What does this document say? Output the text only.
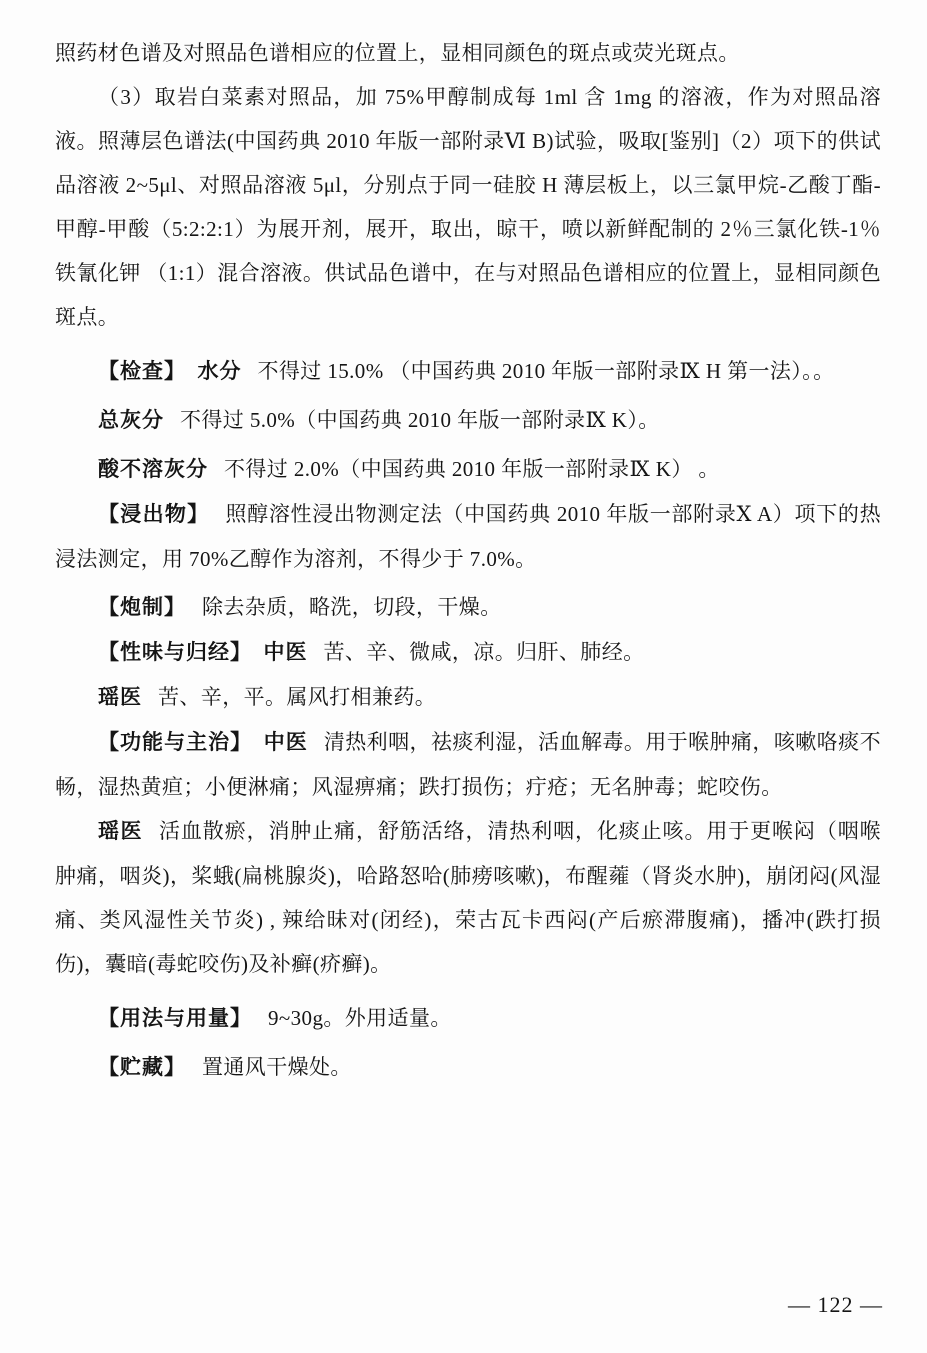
照药材色谱及对照品色谱相应的位置上，显相同颜色的斑点或荧光斑点。

（3）取岩白菜素对照品，加 75%甲醇制成每 1ml 含 1mg 的溶液，作为对照品溶液。照薄层色谱法(中国药典 2010 年版一部附录Ⅵ B)试验，吸取[鉴别]（2）项下的供试品溶液 2~5μl、对照品溶液 5μl，分别点于同一硅胶 H 薄层板上，以三氯甲烷-乙酸丁酯-甲醇-甲酸（5:2:2:1）为展开剂，展开，取出，晾干，喷以新鲜配制的 2％三氯化铁-1％铁氰化钾 （1:1）混合溶液。供试品色谱中，在与对照品色谱相应的位置上，显相同颜色斑点。

【检查】　水分 不得过 15.0% （中国药典 2010 年版一部附录Ⅸ H 第一法）。。

总灰分 不得过 5.0%（中国药典 2010 年版一部附录Ⅸ K）。

酸不溶灰分 不得过 2.0%（中国药典 2010 年版一部附录Ⅸ K） 。

【浸出物】 照醇溶性浸出物测定法（中国药典 2010 年版一部附录Ⅹ A）项下的热浸法测定，用 70%乙醇作为溶剂，不得少于 7.0%。

【炮制】 除去杂质，略洗，切段，干燥。

【性味与归经】　中医 苦、辛、微咸，凉。归肝、肺经。

瑶医 苦、辛，平。属风打相兼药。

【功能与主治】　中医 清热利咽，祛痰利湿，活血解毒。用于喉肿痛，咳嗽咯痰不畅，湿热黄疸；小便淋痛；风湿痹痛；跌打损伤；疔疮；无名肿毒；蛇咬伤。

瑶医 活血散瘀，消肿止痛，舒筋活络，清热利咽，化痰止咳。用于更喉闷（咽喉肿痛，咽炎)，桨蛾(扁桃腺炎)，哈路怒哈(肺痨咳嗽)，布醒蕹（肾炎水肿)，崩闭闷(风湿痛、类风湿性关节炎) , 辣给昧对(闭经)，荣古瓦卡西闷(产后瘀滞腹痛)，播冲(跌打损伤)，囊暗(毒蛇咬伤)及补癣(疥癣)。

【用法与用量】 9~30g。外用适量。

【贮藏】 置通风干燥处。

— 122 —
